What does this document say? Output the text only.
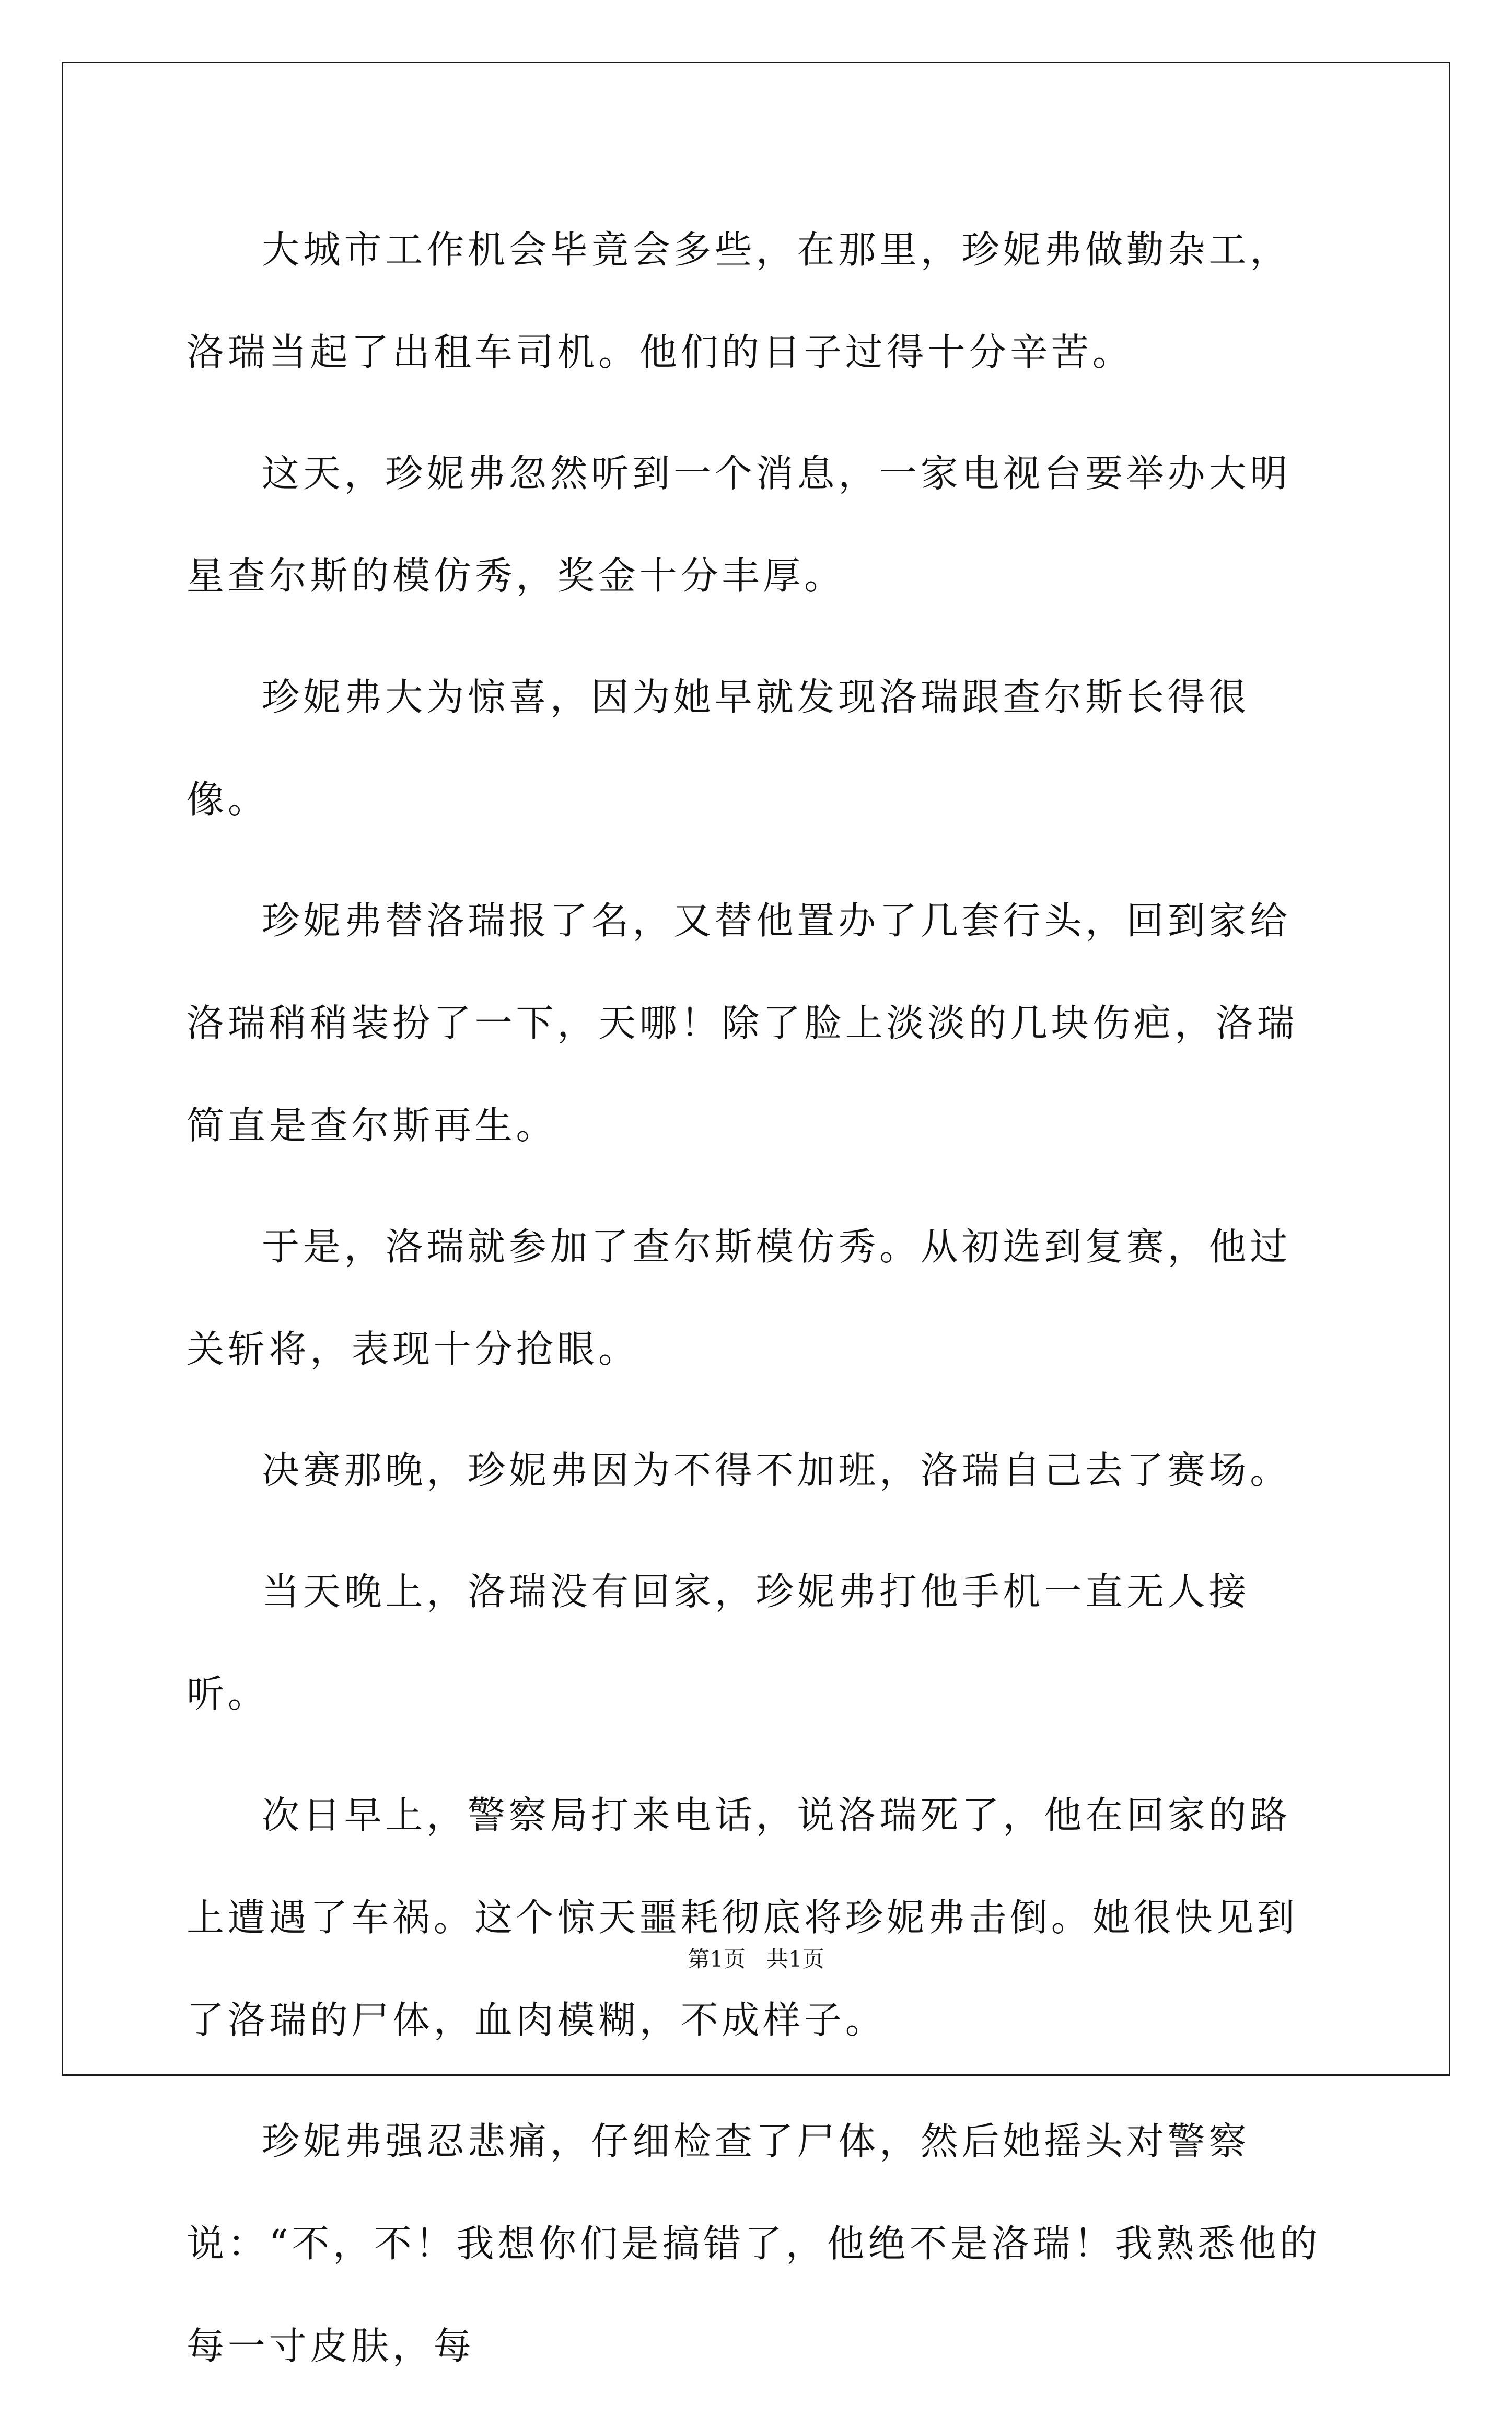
大城市工作机会毕竟会多些，在那里，珍妮弗做勤杂工，洛瑞当起了出租车司机。他们的日子过得十分辛苦。

这天，珍妮弗忽然听到一个消息，一家电视台要举办大明星查尔斯的模仿秀，奖金十分丰厚。

珍妮弗大为惊喜，因为她早就发现洛瑞跟查尔斯长得很像。

珍妮弗替洛瑞报了名，又替他置办了几套行头，回到家给洛瑞稍稍装扮了一下，天哪！除了脸上淡淡的几块伤疤，洛瑞简直是查尔斯再生。

于是，洛瑞就参加了查尔斯模仿秀。从初选到复赛，他过关斩将，表现十分抢眼。

决赛那晚，珍妮弗因为不得不加班，洛瑞自己去了赛场。

当天晚上，洛瑞没有回家，珍妮弗打他手机一直无人接听。

次日早上，警察局打来电话，说洛瑞死了，他在回家的路上遭遇了车祸。这个惊天噩耗彻底将珍妮弗击倒。她很快见到了洛瑞的尸体，血肉模糊，不成样子。

珍妮弗强忍悲痛，仔细检查了尸体，然后她摇头对警察说：“不，不！我想你们是搞错了，他绝不是洛瑞！我熟悉他的每一寸皮肤，每

第1页 共1页
